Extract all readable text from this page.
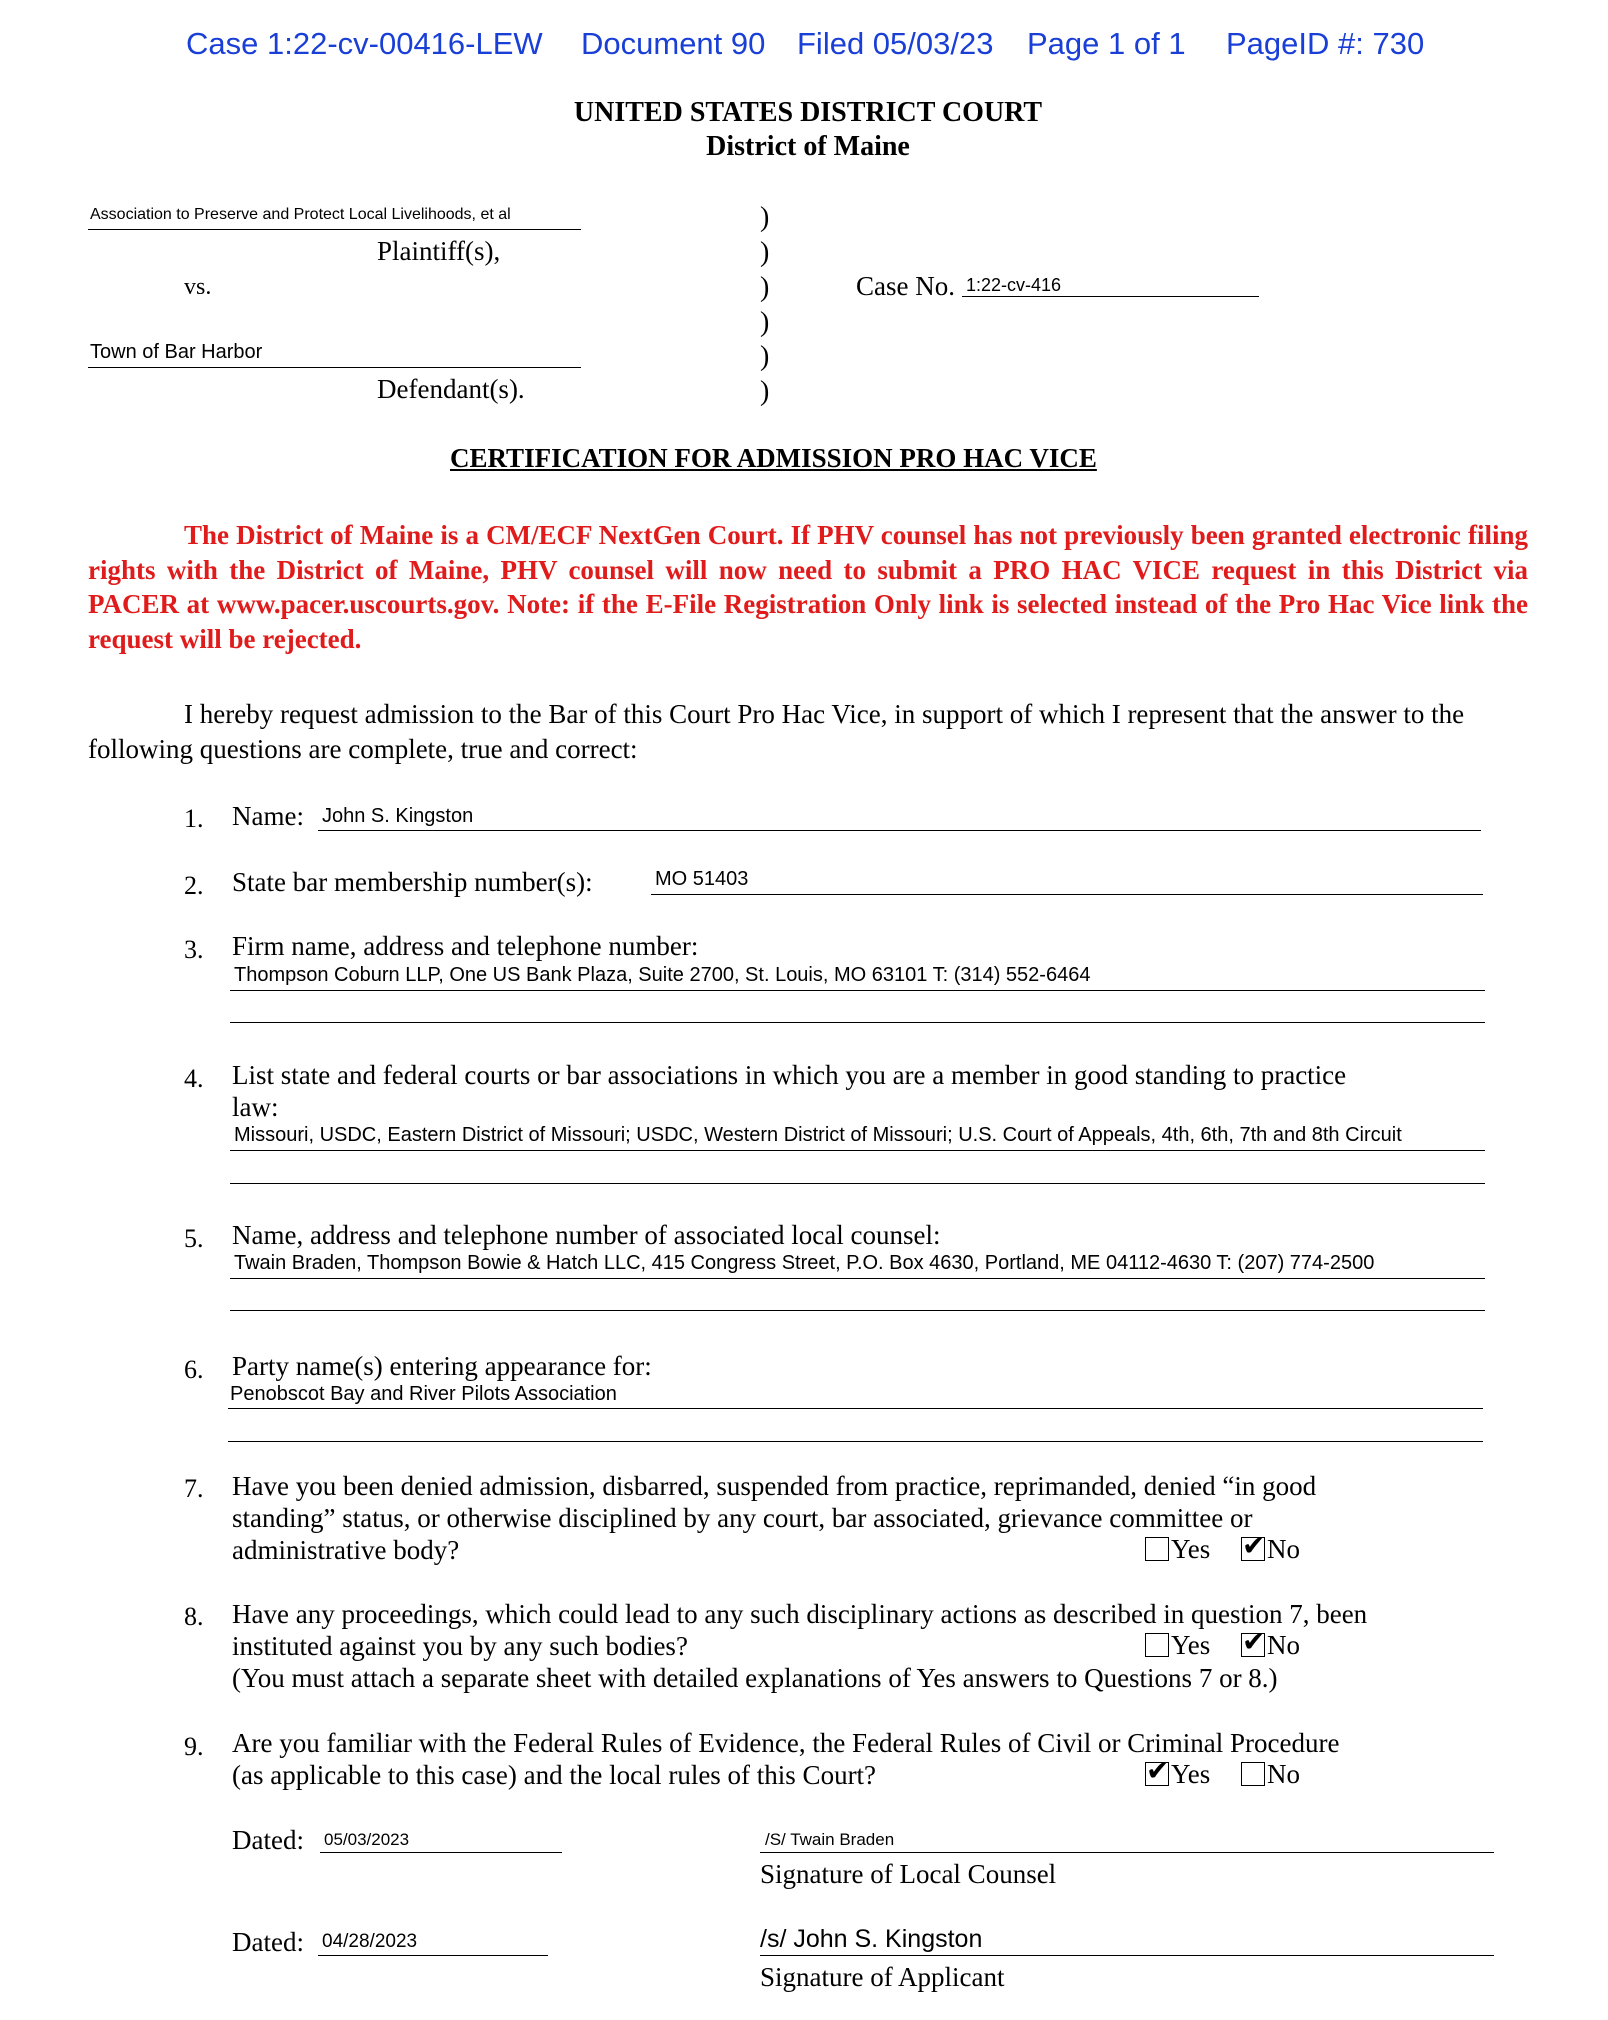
Case 1:22-cv-00416-LEW Document 90 Filed 05/03/23 Page 1 of 1 PageID #: 730
UNITED STATES DISTRICT COURT
District of Maine
Association to Preserve and Protect Local Livelihoods, et al
Plaintiff(s),
vs.
Town of Bar Harbor
Defendant(s).
)
)
)
)
)
)
Case No. 1:22-cv-416
CERTIFICATION FOR ADMISSION PRO HAC VICE
The District of Maine is a CM/ECF NextGen Court. If PHV counsel has not previously been granted electronic filing rights with the District of Maine, PHV counsel will now need to submit a PRO HAC VICE request in this District via PACER at www.pacer.uscourts.gov. Note: if the E-File Registration Only link is selected instead of the Pro Hac Vice link the request will be rejected.
I hereby request admission to the Bar of this Court Pro Hac Vice, in support of which I represent that the answer to the following questions are complete, true and correct:
1. Name: John S. Kingston
2. State bar membership number(s):	MO 51403
3. Firm name, address and telephone number:
Thompson Coburn LLP, One US Bank Plaza, Suite 2700, St. Louis, MO 63101 T: (314) 552-6464
4. List state and federal courts or bar associations in which you are a member in good standing to practice
law:
Missouri, USDC, Eastern District of Missouri; USDC, Western District of Missouri; U.S. Court of Appeals, 4th, 6th, 7th and 8th Circuit
5. Name, address and telephone number of associated local counsel:
Twain Braden, Thompson Bowie & Hatch LLC, 415 Congress Street, P.O. Box 4630, Portland, ME 04112-4630 T: (207) 774-2500
6. Party name(s) entering appearance for:
Penobscot Bay and River Pilots Association
7. Have you been denied admission, disbarred, suspended from practice, reprimanded, denied “in good
standing” status, or otherwise disciplined by any court, bar associated, grievance committee or
administrative body?	Yes ✔ No
8. Have any proceedings, which could lead to any such disciplinary actions as described in question 7, been
instituted against you by any such bodies?
(You must attach a separate sheet with detailed explanations of Yes answers to Questions 7 or 8.)
Yes ✔ No
9. Are you familiar with the Federal Rules of Evidence, the Federal Rules of Civil or Criminal Procedure
(as applicable to this case) and the local rules of this Court?	✔ Yes	No
Dated: 05/03/2023	/S/ Twain Braden
Signature of Local Counsel
Dated: 04/28/2023	/s/ John S. Kingston
Signature of Applicant
